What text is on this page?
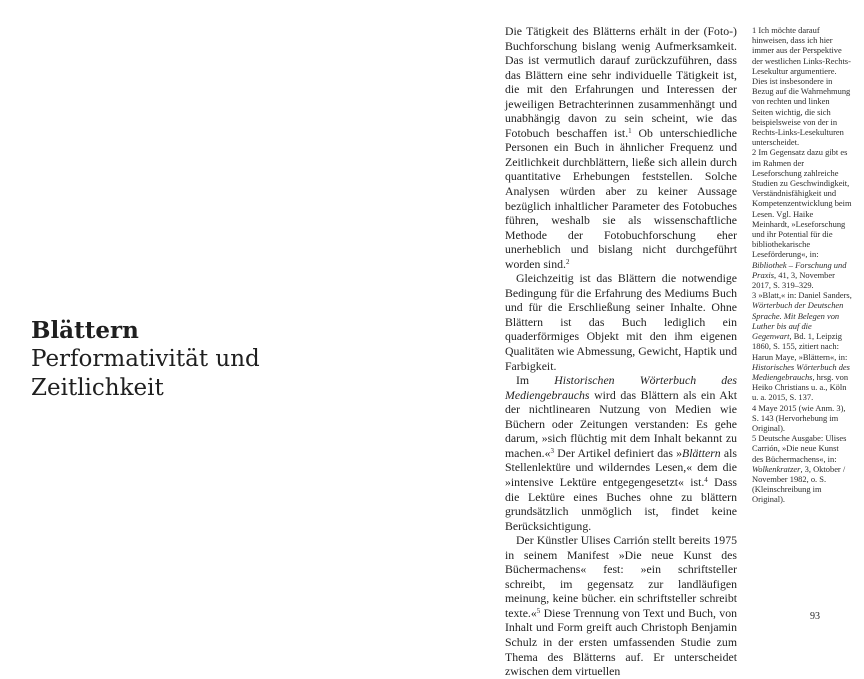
Blättern

Performativität und Zeitlichkeit

Die Tätigkeit des Blätterns erhält in der (Foto-) Buchforschung bislang wenig Aufmerksamkeit. Das ist vermutlich darauf zurückzuführen, dass das Blättern eine sehr individuelle Tätigkeit ist, die mit den Erfahrungen und Interessen der jeweiligen Betrachterinnen zusammenhängt und unabhängig davon zu sein scheint, wie das Fotobuch beschaffen ist.$^1$ Ob unterschiedliche Personen ein Buch in ähnlicher Frequenz und Zeitlichkeit durchblättern, ließe sich allein durch quantitative Erhebungen feststellen. Solche Analysen würden aber zu keiner Aussage bezüglich inhaltlicher Parameter des Fotobuches führen, weshalb sie als wissenschaftliche Methode der Fotobuchforschung eher unerheblich und bislang nicht durchgeführt worden sind.$^2$

Gleichzeitig ist das Blättern die notwendige Bedingung für die Erfahrung des Mediums Buch und für die Erschließung seiner Inhalte. Ohne Blättern ist das Buch lediglich ein quaderförmiges Objekt mit den ihm eigenen Qualitäten wie Abmessung, Gewicht, Haptik und Farbigkeit.

Im Historischen Wörterbuch des Mediengebrauchs wird das Blättern als ein Akt der nichtlinearen Nutzung von Medien wie Büchern oder Zeitungen verstanden: Es gehe darum, »sich flüchtig mit dem Inhalt bekannt zu machen.«$^3$ Der Artikel definiert das »Blättern als Stellenlektüre und wilderndes Lesen,« dem die »intensive Lektüre entgegengesetzt« ist.$^4$ Dass die Lektüre eines Buches ohne zu blättern grundsätzlich unmöglich ist, findet keine Berücksichtigung.

Der Künstler Ulises Carrión stellt bereits 1975 in seinem Manifest »Die neue Kunst des Büchermachens« fest: »ein schriftsteller schreibt, im gegensatz zur landläufigen meinung, keine bücher. ein schriftsteller schreibt texte.«$^5$ Diese Trennung von Text und Buch, von Inhalt und Form greift auch Christoph Benjamin Schulz in der ersten umfassenden Studie zum Thema des Blätterns auf. Er unterscheidet zwischen dem virtuellen

1 Ich möchte darauf hinweisen, dass ich hier immer aus der Perspektive der westlichen Links-Rechts-Lesekultur argumentiere. Dies ist insbesondere in Bezug auf die Wahrnehmung von rechten und linken Seiten wichtig, die sich beispielsweise von der in Rechts-Links-Lesekulturen unterscheidet.

2 Im Gegensatz dazu gibt es im Rahmen der Leseforschung zahlreiche Studien zu Geschwindigkeit, Verständnisfähigkeit und Kompetenzentwicklung beim Lesen. Vgl. Haike Meinhardt, »Leseforschung und ihr Potential für die bibliothekarische Leseförderung«, in: Bibliothek – Forschung und Praxis, 41, 3, November 2017, S. 319–329.

3 »Blatt,« in: Daniel Sanders, Wörterbuch der Deutschen Sprache. Mit Belegen von Luther bis auf die Gegenwart, Bd. 1, Leipzig 1860, S. 155, zitiert nach: Harun Maye, »Blättern«, in: Historisches Wörterbuch des Mediengebrauchs, hrsg. von Heiko Christians u. a., Köln u. a. 2015, S. 137.

4 Maye 2015 (wie Anm. 3), S. 143 (Hervorhebung im Original).

5 Deutsche Ausgabe: Ulises Carrión, »Die neue Kunst des Büchermachens«, in: Wolkenkratzer, 3, Oktober / November 1982, o. S. (Kleinschreibung im Original).

93
